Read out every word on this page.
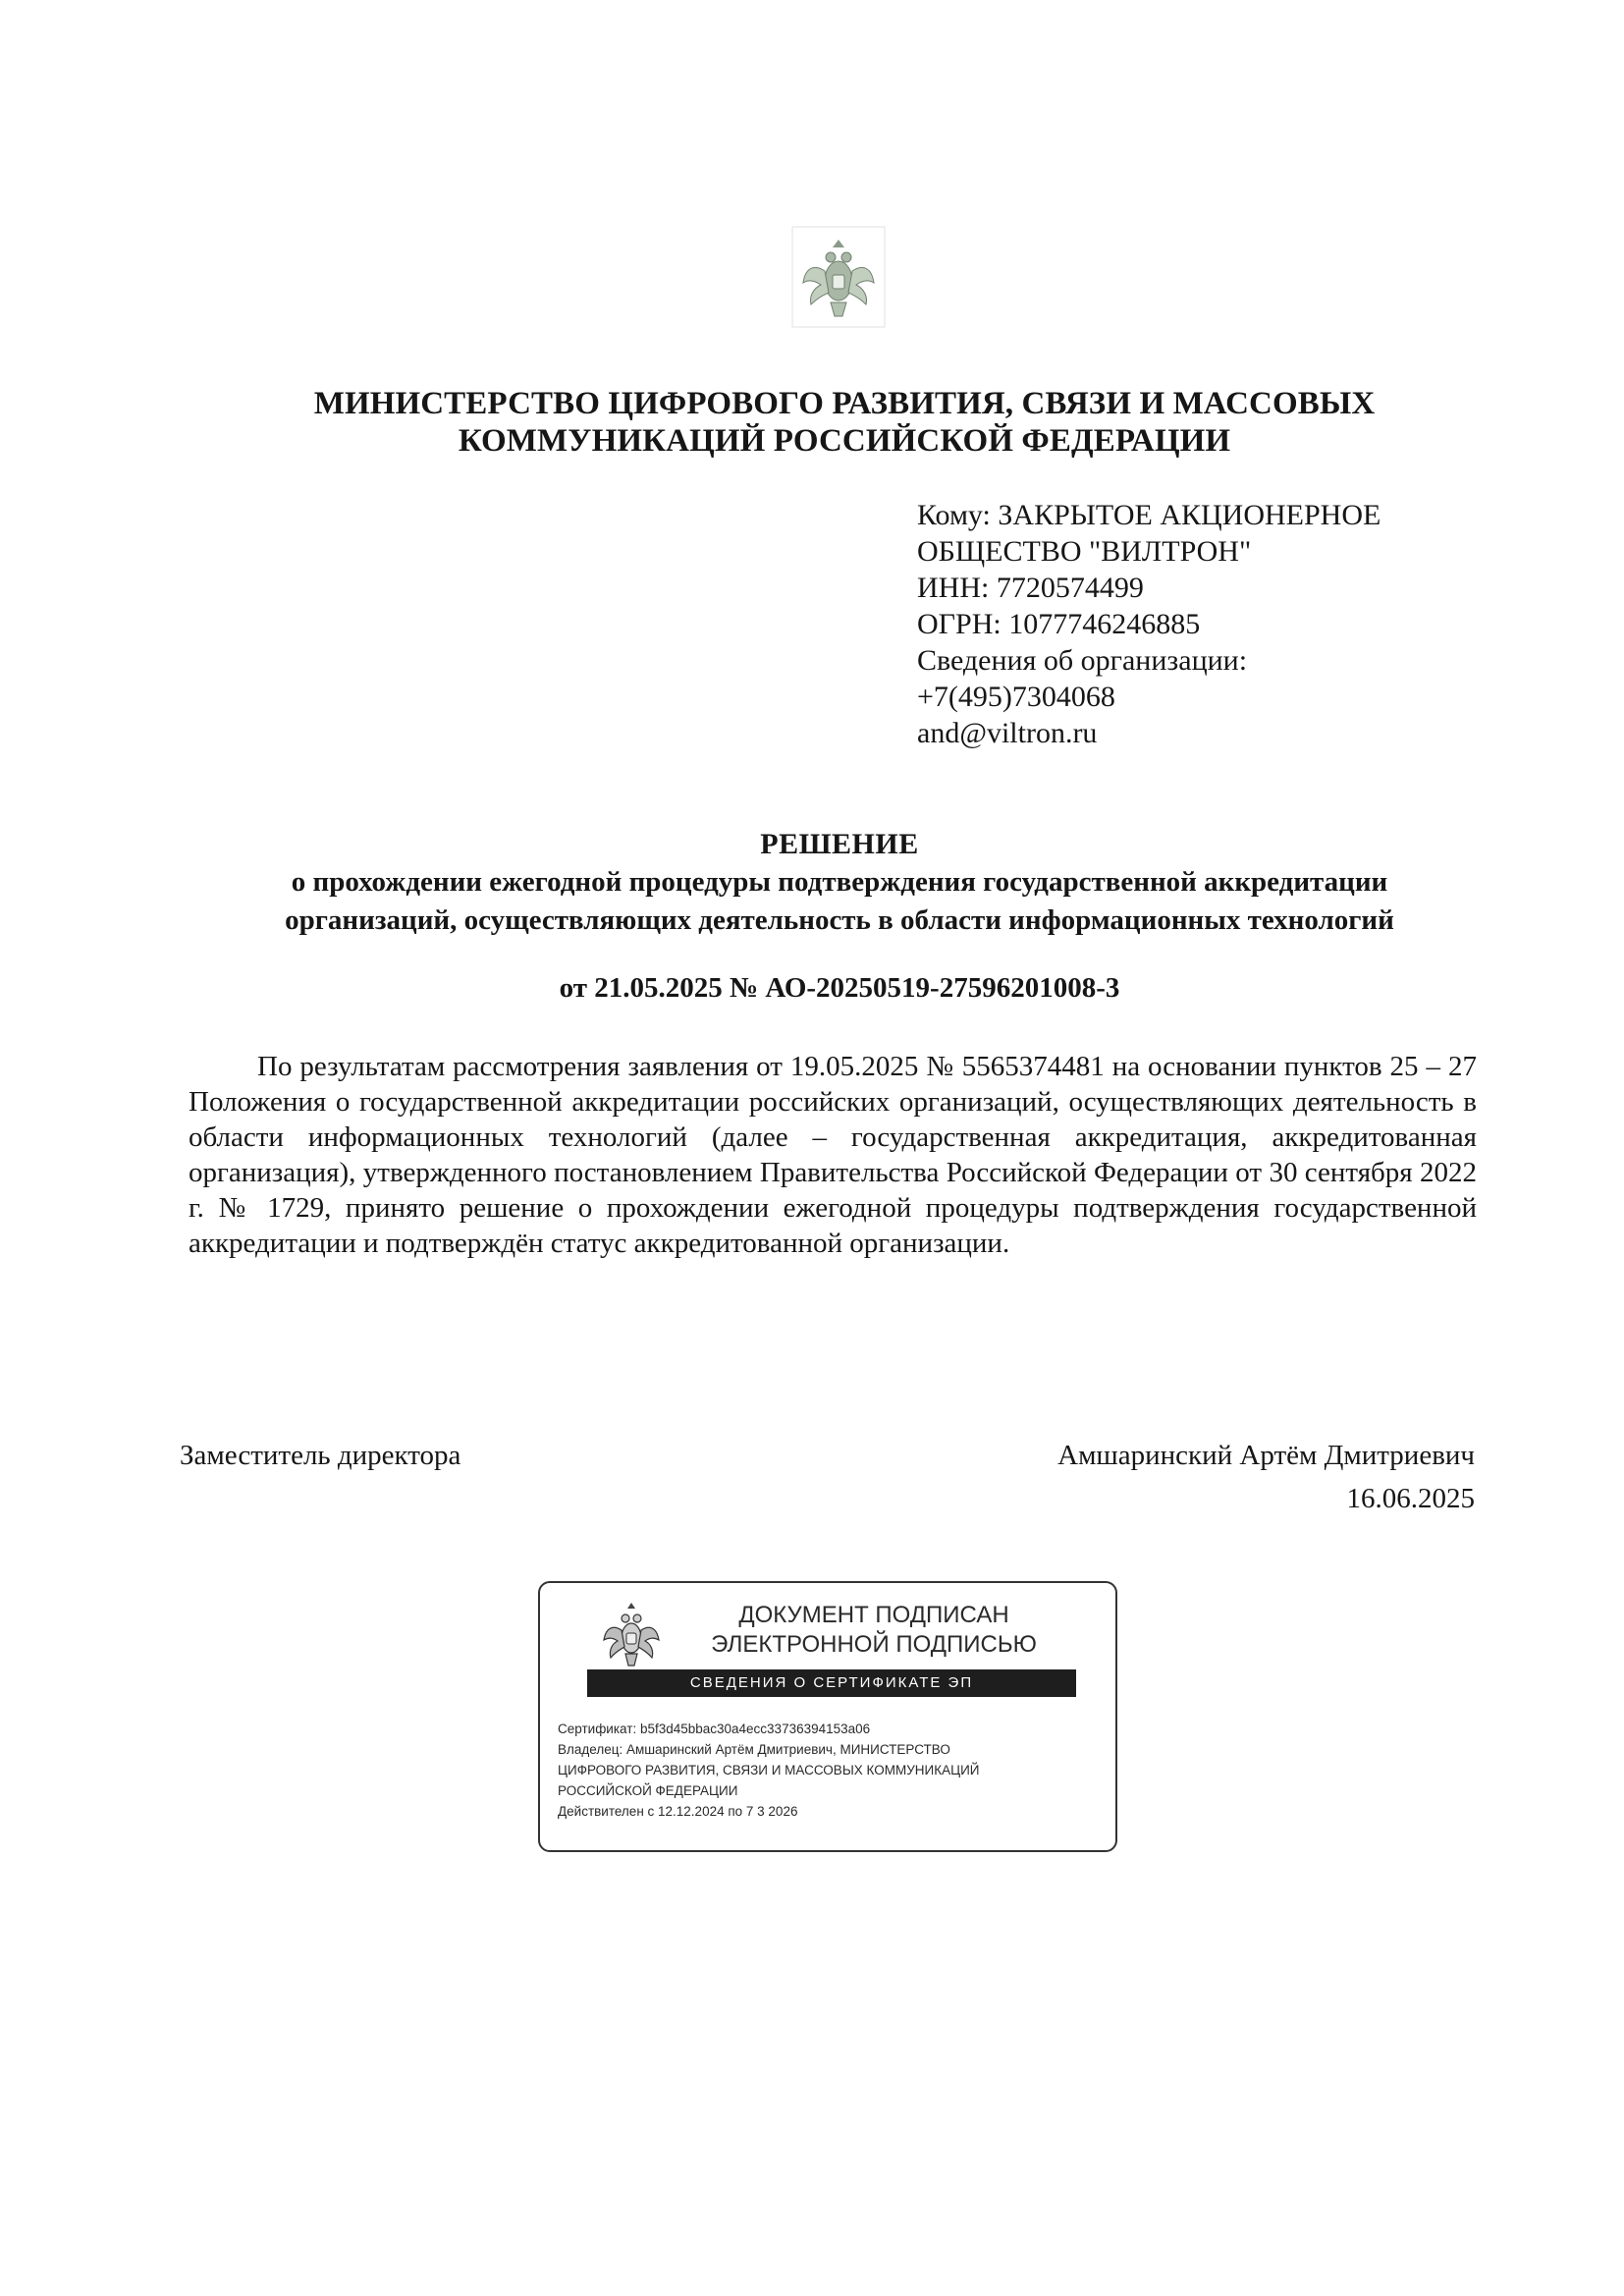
МИНИСТЕРСТВО ЦИФРОВОГО РАЗВИТИЯ, СВЯЗИ И МАССОВЫХ
КОММУНИКАЦИЙ РОССИЙСКОЙ ФЕДЕРАЦИИ
Кому: ЗАКРЫТОЕ АКЦИОНЕРНОЕ
ОБЩЕСТВО "ВИЛТРОН"
ИНН: 7720574499
ОГРН: 1077746246885
Сведения об организации:
+7(495)7304068
and@viltron.ru
РЕШЕНИЕ
о прохождении ежегодной процедуры подтверждения государственной аккредитации
организаций, осуществляющих деятельность в области информационных технологий
от 21.05.2025 № АО-20250519-27596201008-3
По результатам рассмотрения заявления от 19.05.2025 № 5565374481 на основании пунктов 25 – 27 Положения о государственной аккредитации российских организаций, осуществляющих деятельность в области информационных технологий (далее – государственная аккредитация, аккредитованная организация), утвержденного постановлением Правительства Российской Федерации от 30 сентября 2022 г. № 1729, принято решение о прохождении ежегодной процедуры подтверждения государственной аккредитации и подтверждён статус аккредитованной организации.
Заместитель директора	Амшаринский Артём Дмитриевич
16.06.2025
ДОКУМЕНТ ПОДПИСАН
ЭЛЕКТРОННОЙ ПОДПИСЬЮ
СВЕДЕНИЯ О СЕРТИФИКАТЕ ЭП
Сертификат: b5f3d45bbac30a4ecc33736394153a06
Владелец: Амшаринский Артём Дмитриевич, МИНИСТЕРСТВО
ЦИФРОВОГО РАЗВИТИЯ, СВЯЗИ И МАССОВЫХ КОММУНИКАЦИЙ
РОССИЙСКОЙ ФЕДЕРАЦИИ
Действителен с 12.12.2024 по 7 3 2026
